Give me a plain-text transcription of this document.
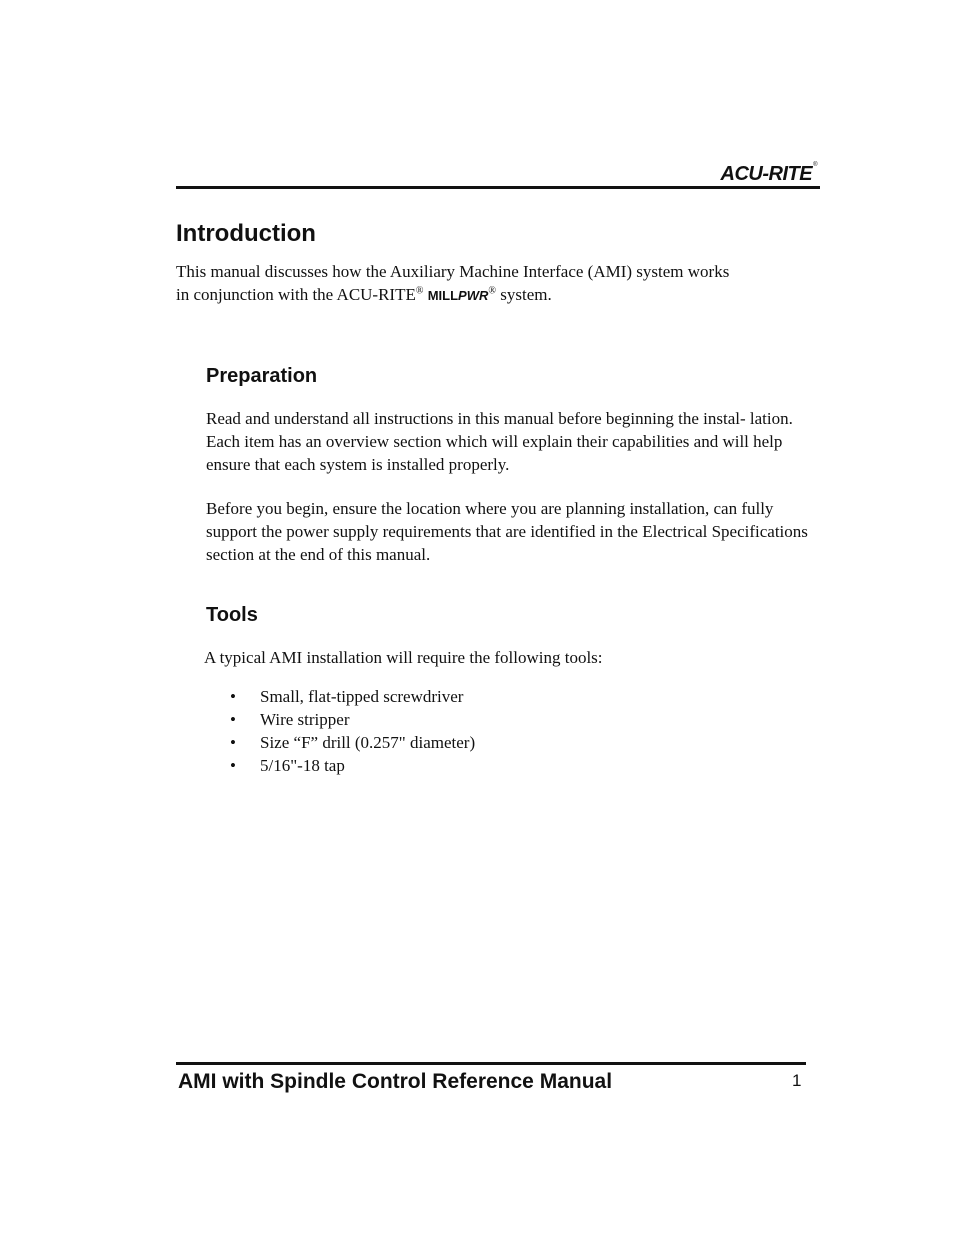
ACU-RITE®
Introduction

This manual discusses how the Auxiliary Machine Interface (AMI) system works
in conjunction with the ACU-RITE® MILLPWR® system.

Preparation

Read and understand all instructions in this manual before beginning the instal- lation. Each item has an overview section which will explain their capabilities and will help ensure that each system is installed properly.

Before you begin, ensure the location where you are planning installation, can fully support the power supply requirements that are identified in the Electrical Specifications section at the end of this manual.

Tools

A typical AMI installation will require the following tools:

• Small, flat-tipped screwdriver
• Wire stripper
• Size “F” drill (0.257" diameter)
• 5/16"-18 tap
AMI with Spindle Control Reference Manual	1
